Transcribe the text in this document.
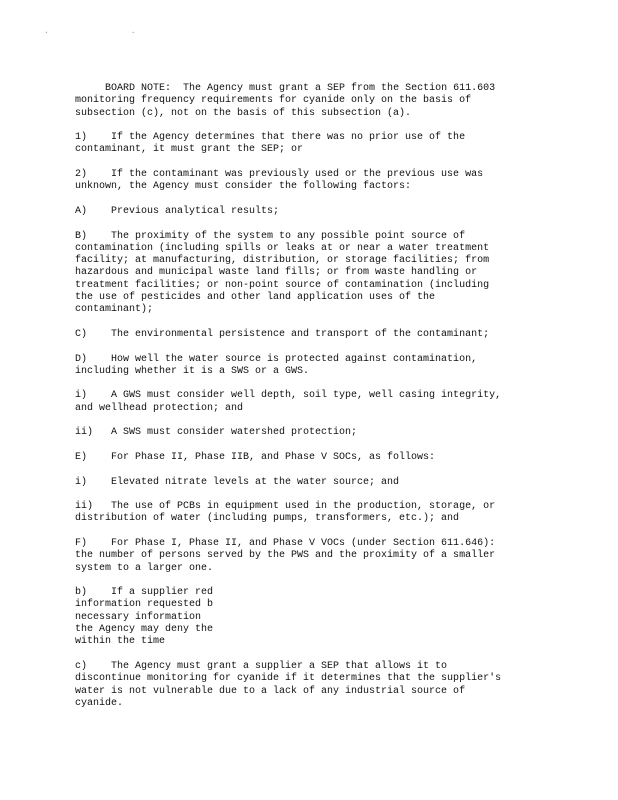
·                 ·

BOARD NOTE:  The Agency must grant a SEP from the Section 611.603
monitoring frequency requirements for cyanide only on the basis of
subsection (c), not on the basis of this subsection (a).

1)    If the Agency determines that there was no prior use of the
contaminant, it must grant the SEP; or

2)    If the contaminant was previously used or the previous use was
unknown, the Agency must consider the following factors:

A)    Previous analytical results;

B)    The proximity of the system to any possible point source of
contamination (including spills or leaks at or near a water treatment
facility; at manufacturing, distribution, or storage facilities; from
hazardous and municipal waste land fills; or from waste handling or
treatment facilities; or non-point source of contamination (including
the use of pesticides and other land application uses of the
contaminant);

C)    The environmental persistence and transport of the contaminant;

D)    How well the water source is protected against contamination,
including whether it is a SWS or a GWS.

i)    A GWS must consider well depth, soil type, well casing integrity,
and wellhead protection; and

ii)   A SWS must consider watershed protection;

E)    For Phase II, Phase IIB, and Phase V SOCs, as follows:

i)    Elevated nitrate levels at the water source; and

ii)   The use of PCBs in equipment used in the production, storage, or
distribution of water (including pumps, transformers, etc.); and

F)    For Phase I, Phase II, and Phase V VOCs (under Section 611.646):
the number of persons served by the PWS and the proximity of a smaller
system to a larger one.

b)    If a supplier red
information requested b
necessary information
the Agency may deny the
within the time

c)    The Agency must grant a supplier a SEP that allows it to
discontinue monitoring for cyanide if it determines that the supplier's
water is not vulnerable due to a lack of any industrial source of
cyanide.
